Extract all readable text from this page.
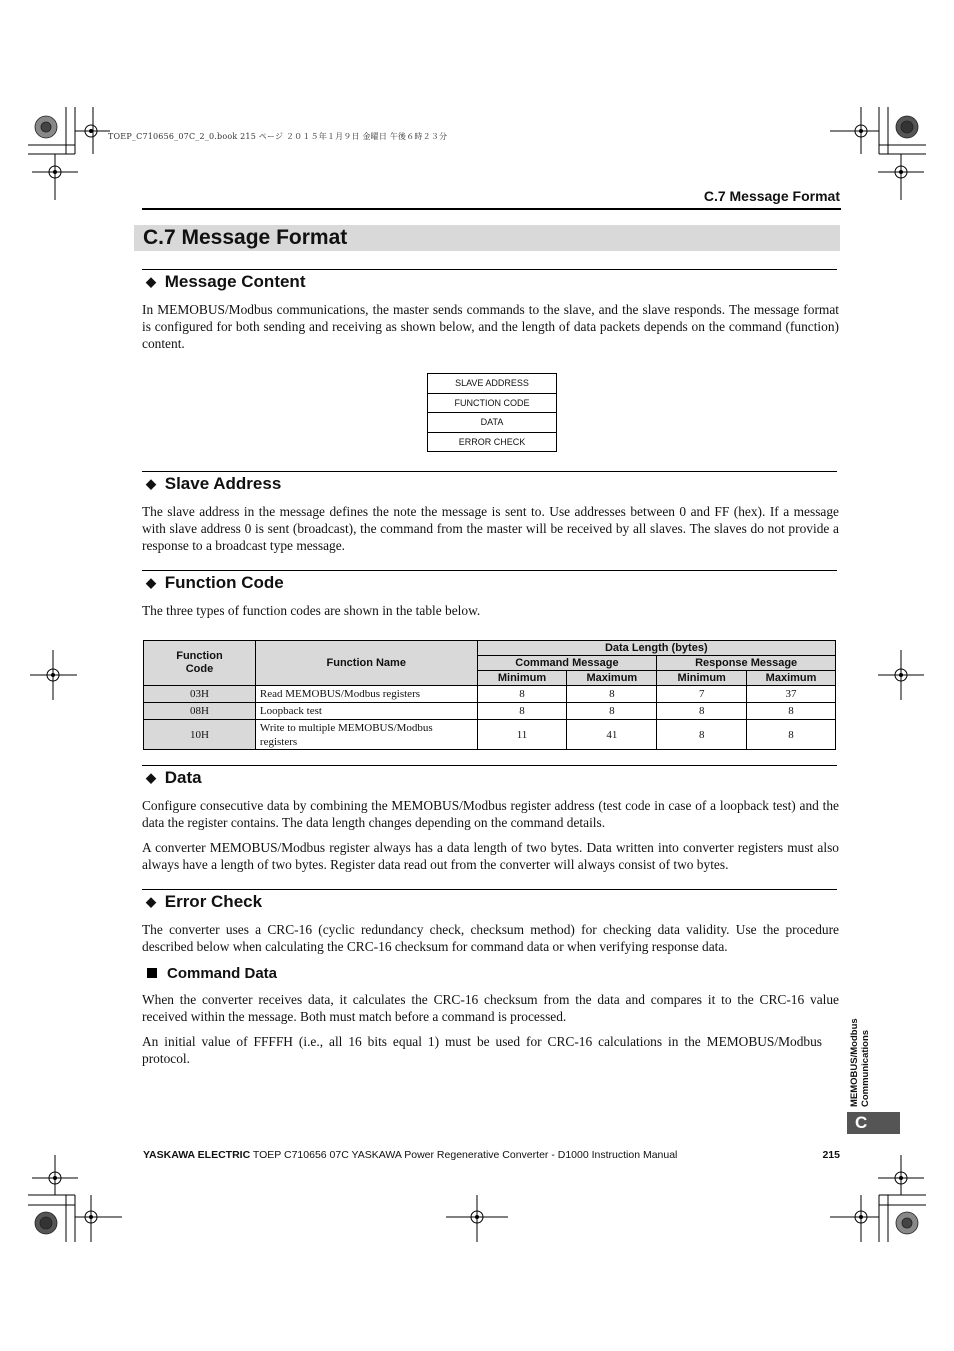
TOEP_C710656_07C_2_0.book 215 ページ ２０１５年１月９日 金曜日 午後６時２３分
C.7 Message Format
C.7 Message Format
◆ Message Content
In MEMOBUS/Modbus communications, the master sends commands to the slave, and the slave responds. The message format is configured for both sending and receiving as shown below, and the length of data packets depends on the command (function) content.
SLAVE ADDRESS
FUNCTION CODE
DATA
ERROR CHECK
◆ Slave Address
The slave address in the message defines the note the message is sent to. Use addresses between 0 and FF (hex). If a message with slave address 0 is sent (broadcast), the command from the master will be received by all slaves. The slaves do not provide a response to a broadcast type message.
◆ Function Code
The three types of function codes are shown in the table below.
Function Code	Function Name	Data Length (bytes)			
		Command Message		Response Message	
		Minimum	Maximum	Minimum	Maximum
03H	Read MEMOBUS/Modbus registers	8	8	7	37
08H	Loopback test	8	8	8	8
10H	Write to multiple MEMOBUS/Modbus registers	11	41	8	8
◆ Data
Configure consecutive data by combining the MEMOBUS/Modbus register address (test code in case of a loopback test) and the data the register contains. The data length changes depending on the command details.
A converter MEMOBUS/Modbus register always has a data length of two bytes. Data written into converter registers must also always have a length of two bytes. Register data read out from the converter will always consist of two bytes.
◆ Error Check
The converter uses a CRC-16 (cyclic redundancy check, checksum method) for checking data validity. Use the procedure described below when calculating the CRC-16 checksum for command data or when verifying response data.
Command Data
When the converter receives data, it calculates the CRC-16 checksum from the data and compares it to the CRC-16 value received within the message. Both must match before a command is processed.
An initial value of FFFFH (i.e., all 16 bits equal 1) must be used for CRC-16 calculations in the MEMOBUS/Modbus protocol.	MEMOBUS/Modbus Communications
C
YASKAWA ELECTRIC TOEP C710656 07C YASKAWA Power Regenerative Converter - D1000 Instruction Manual	215
